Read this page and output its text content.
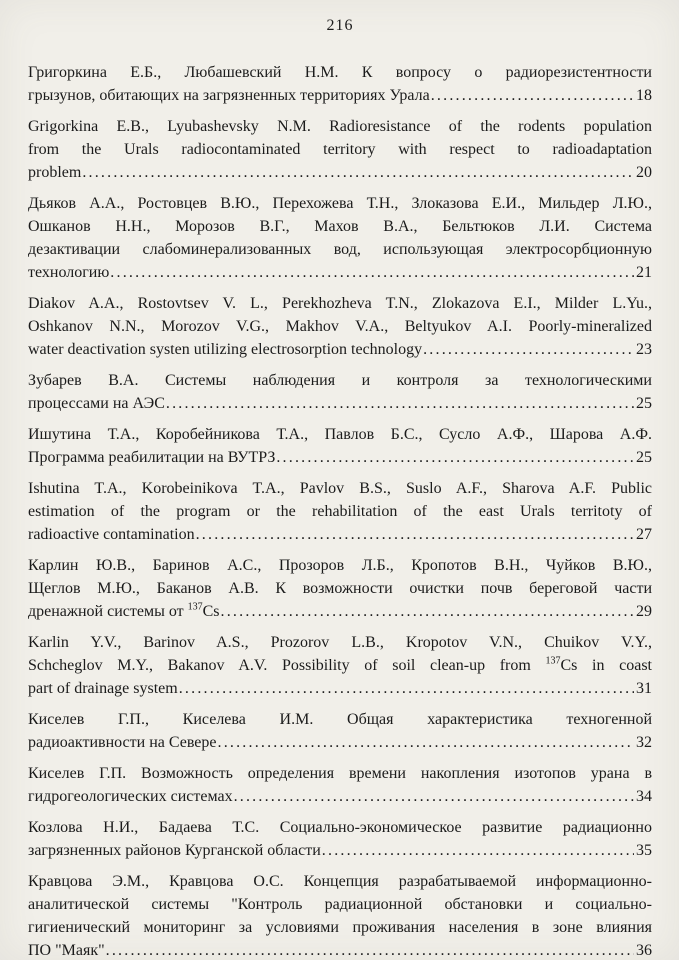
216
Григоркина Е.Б., Любашевский Н.М. К вопросу о радиорезистентности
грызунов, обитающих на загрязненных территориях Урала .....	18
Grigorkina E.B., Lyubashevsky N.M. Radioresistance of the rodents population
from the Urals radiocontaminated territory with respect to radioadaptation
problem .....	20
Дьяков А.А., Ростовцев В.Ю., Перехожева Т.Н., Злоказова Е.И., Мильдер Л.Ю.,
Ошканов Н.Н., Морозов В.Г., Махов В.А., Бельтюков Л.И. Система
дезактивации слабоминерализованных вод, использующая электросорбционную
технологию .....	21
Diakov A.A., Rostovtsev V. L., Perekhozheva T.N., Zlokazova E.I., Milder L.Yu.,
Oshkanov N.N., Morozov V.G., Makhov V.A., Beltyukov A.I. Poorly-mineralized
water deactivation systen utilizing electrosorption technology .....	23
Зубарев В.А. Системы наблюдения и контроля за технологическими
процессами на АЭС .....	25
Ишутина Т.А., Коробейникова Т.А., Павлов Б.С., Сусло А.Ф., Шарова А.Ф.
Программа реабилитации на ВУТРЗ .....	25
Ishutina T.A., Korobeinikova T.A., Pavlov B.S., Suslo A.F., Sharova A.F. Public
estimation of the program or the rehabilitation of the east Urals territoty of
radioactive contamination .....	27
Карлин Ю.В., Баринов А.С., Прозоров Л.Б., Кропотов В.Н., Чуйков В.Ю.,
Щеглов М.Ю., Баканов А.В. К возможности очистки почв береговой части
дренажной системы от $^{137}$Cs .....	29
Karlin Y.V., Barinov A.S., Prozorov L.B., Kropotov V.N., Chuikov V.Y.,
Schcheglov M.Y., Bakanov A.V. Possibility of soil clean-up from $^{137}$Cs in coast
part of drainage system .....	31
Киселев Г.П., Киселева И.М. Общая характеристика техногенной
радиоактивности на Севере .....	32
Киселев Г.П. Возможность определения времени накопления изотопов урана в
гидрогеологических системах .....	34
Козлова Н.И., Бадаева Т.С. Социально-экономическое развитие радиационно
загрязненных районов Курганской области .....	35
Кравцова Э.М., Кравцова О.С. Концепция разрабатываемой информационно-
аналитической системы "Контроль радиационной обстановки и социально-
гигиенический мониторинг за условиями проживания населения в зоне влияния
ПО "Маяк" .....	36
